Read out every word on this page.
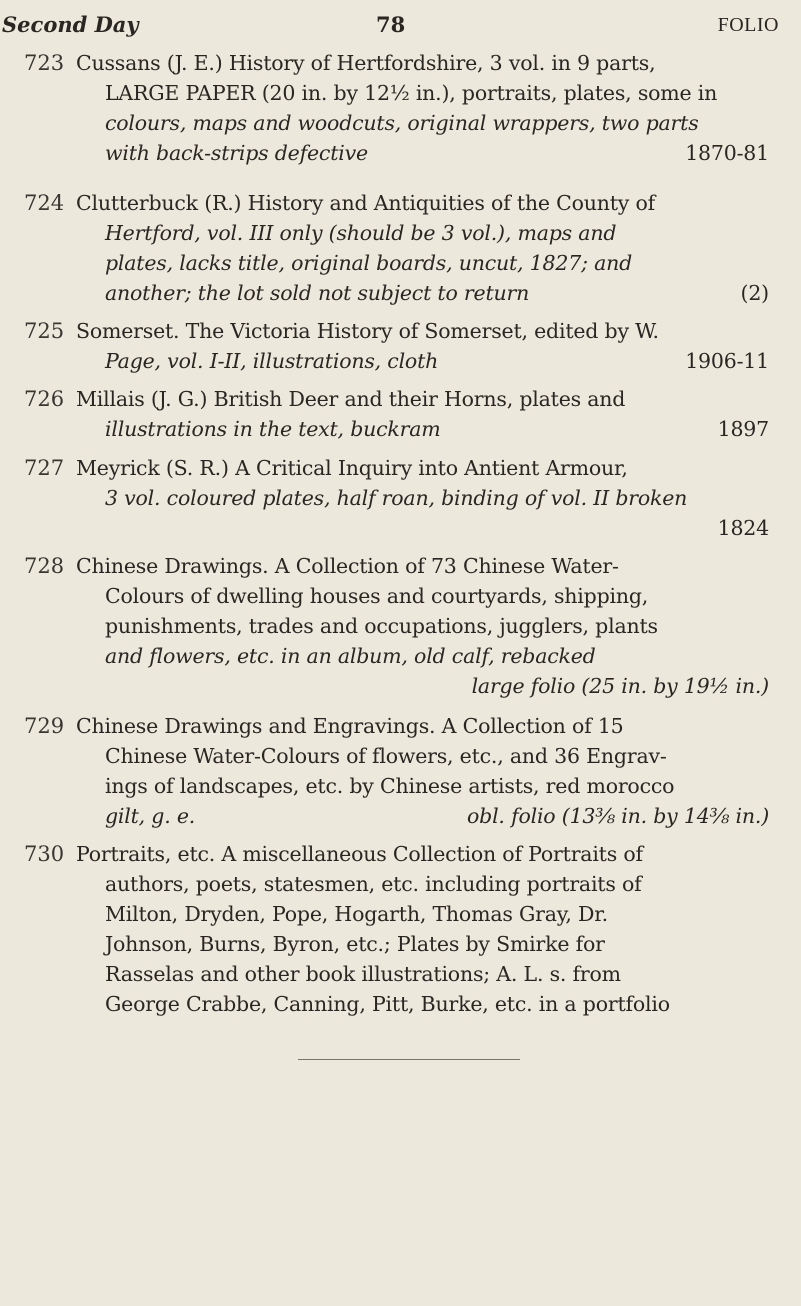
Second Day	78	FOLIO
723 Cussans (J. E.) History of Hertfordshire, 3 vol. in 9 parts,
LARGE PAPER (20 in. by 12½ in.), portraits, plates, some in
colours, maps and woodcuts, original wrappers, two parts
with back-strips defective	1870-81
724 Clutterbuck (R.) History and Antiquities of the County of
Hertford, vol. III only (should be 3 vol.), maps and
plates, lacks title, original boards, uncut, 1827; and
another; the lot sold not subject to return	(2)
725 Somerset. The Victoria History of Somerset, edited by W.
Page, vol. I-II, illustrations, cloth	1906-11
726 Millais (J. G.) British Deer and their Horns, plates and
illustrations in the text, buckram	1897
727 Meyrick (S. R.) A Critical Inquiry into Antient Armour,
3 vol. coloured plates, half roan, binding of vol. II broken
1824
728 Chinese Drawings. A Collection of 73 Chinese Water-
Colours of dwelling houses and courtyards, shipping,
punishments, trades and occupations, jugglers, plants
and flowers, etc. in an album, old calf, rebacked
large folio (25 in. by 19½ in.)
729 Chinese Drawings and Engravings. A Collection of 15
Chinese Water-Colours of flowers, etc., and 36 Engrav-
ings of landscapes, etc. by Chinese artists, red morocco
gilt, g. e.	obl. folio (13⅜ in. by 14⅜ in.)
730 Portraits, etc. A miscellaneous Collection of Portraits of
authors, poets, statesmen, etc. including portraits of
Milton, Dryden, Pope, Hogarth, Thomas Gray, Dr.
Johnson, Burns, Byron, etc.; Plates by Smirke for
Rasselas and other book illustrations; A. L. s. from
George Crabbe, Canning, Pitt, Burke, etc. in a portfolio
